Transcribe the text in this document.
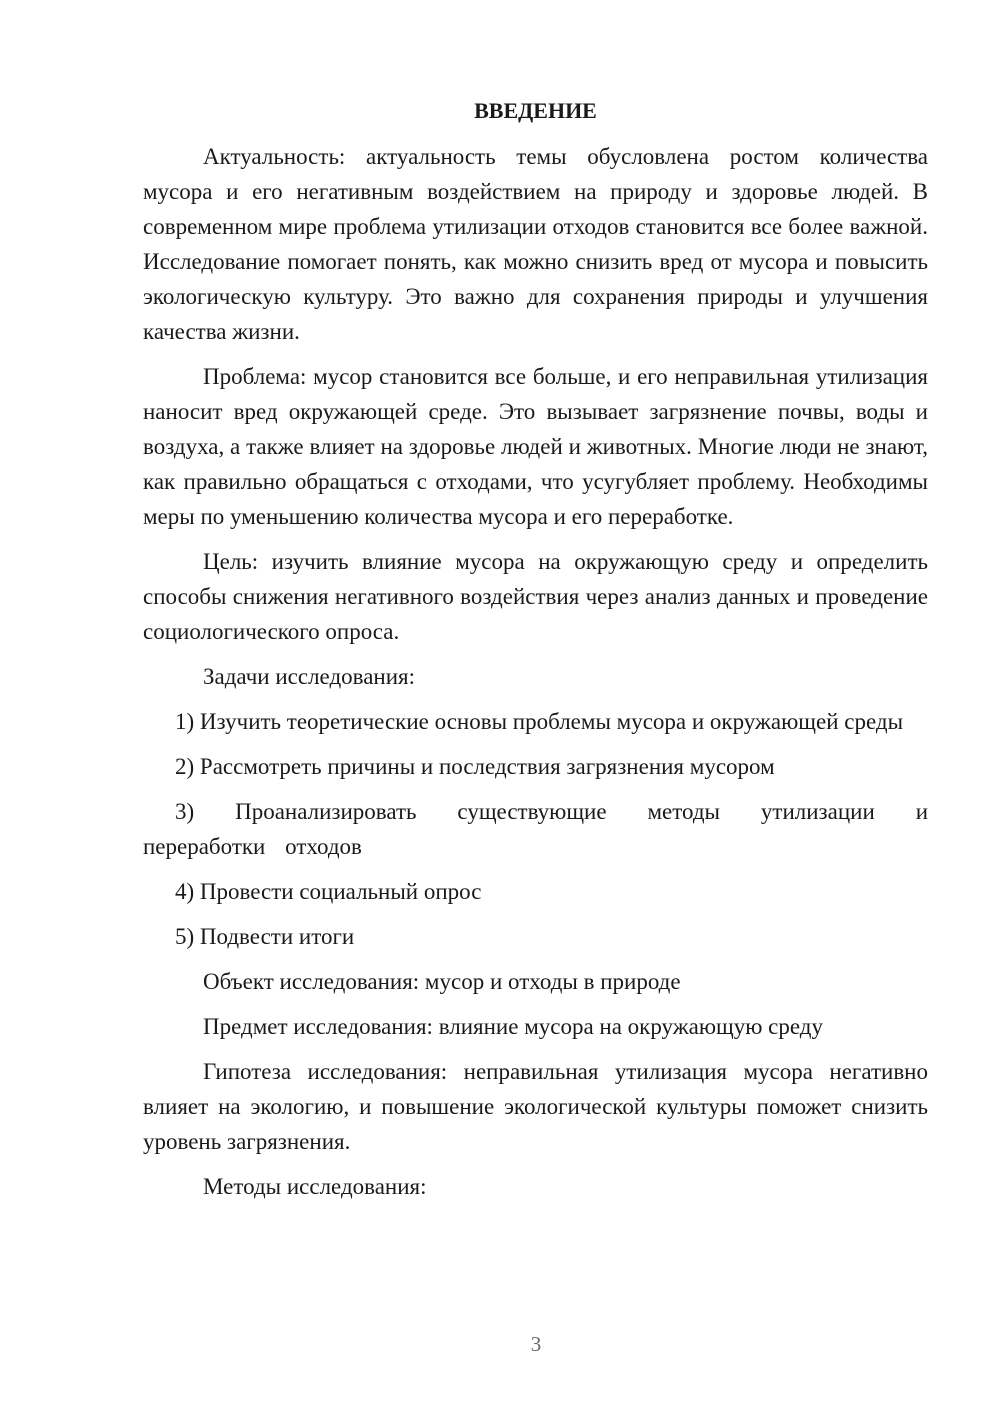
ВВЕДЕНИЕ

Актуальность: актуальность темы обусловлена ростом количества мусора и его негативным воздействием на природу и здоровье людей. В современном мире проблема утилизации отходов становится все более важной. Исследование помогает понять, как можно снизить вред от мусора и повысить экологическую культуру. Это важно для сохранения природы и улучшения качества жизни.

Проблема: мусор становится все больше, и его неправильная утилизация наносит вред окружающей среде. Это вызывает загрязнение почвы, воды и воздуха, а также влияет на здоровье людей и животных. Многие люди не знают, как правильно обращаться с отходами, что усугубляет проблему. Необходимы меры по уменьшению количества мусора и его переработке.

Цель: изучить влияние мусора на окружающую среду и определить способы снижения негативного воздействия через анализ данных и проведение социологического опроса.

Задачи исследования:

1) Изучить теоретические основы проблемы мусора и окружающей среды

2) Рассмотреть причины и последствия загрязнения мусором

3) Проанализировать существующие методы утилизации и переработки отходов

4) Провести социальный опрос

5) Подвести итоги

Объект исследования: мусор и отходы в природе

Предмет исследования: влияние мусора на окружающую среду

Гипотеза исследования: неправильная утилизация мусора негативно влияет на экологию, и повышение экологической культуры поможет снизить уровень загрязнения.

Методы исследования:

3
